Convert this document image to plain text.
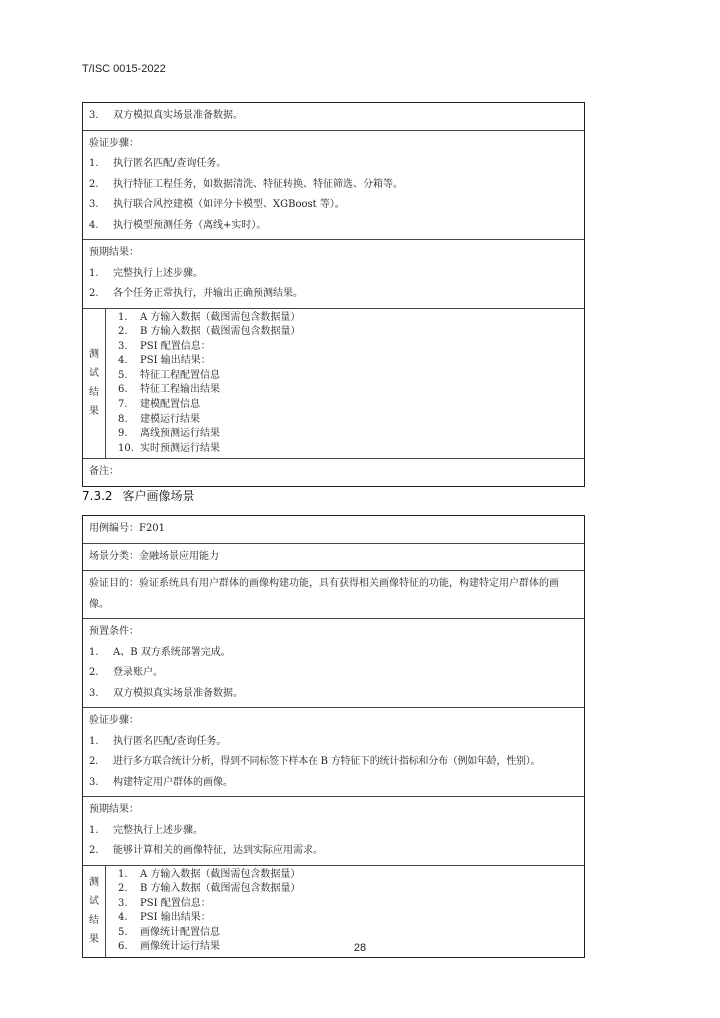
T/ISC 0015-2022
3. 双方模拟真实场景准备数据。
验证步骤：
1. 执行匿名匹配/查询任务。
2. 执行特征工程任务，如数据清洗、特征转换、特征筛选、分箱等。
3. 执行联合风控建模（如评分卡模型、XGBoost 等）。
4. 执行模型预测任务（离线+实时）。
预期结果：
1. 完整执行上述步骤。
2. 各个任务正常执行，并输出正确预测结果。
测
试
结
果
1. A 方输入数据（截图需包含数据量）
2. B 方输入数据（截图需包含数据量）
3. PSI 配置信息：
4. PSI 输出结果：
5. 特征工程配置信息
6. 特征工程输出结果
7. 建模配置信息
8. 建模运行结果
9. 离线预测运行结果
10. 实时预测运行结果
备注：
7.3.2 客户画像场景
用例编号：F201
场景分类：金融场景应用能力
验证目的：验证系统具有用户群体的画像构建功能，具有获得相关画像特征的功能，构建特定用户群体的画像。
预置条件：
1. A、B 双方系统部署完成。
2. 登录账户。
3. 双方模拟真实场景准备数据。
验证步骤：
1. 执行匿名匹配/查询任务。
2. 进行多方联合统计分析，得到不同标签下样本在 B 方特征下的统计指标和分布（例如年龄，性别）。
3. 构建特定用户群体的画像。
预期结果：
1. 完整执行上述步骤。
2. 能够计算相关的画像特征，达到实际应用需求。
测
试
结
果
1. A 方输入数据（截图需包含数据量）
2. B 方输入数据（截图需包含数据量）
3. PSI 配置信息：
4. PSI 输出结果：
5. 画像统计配置信息
6. 画像统计运行结果	28
